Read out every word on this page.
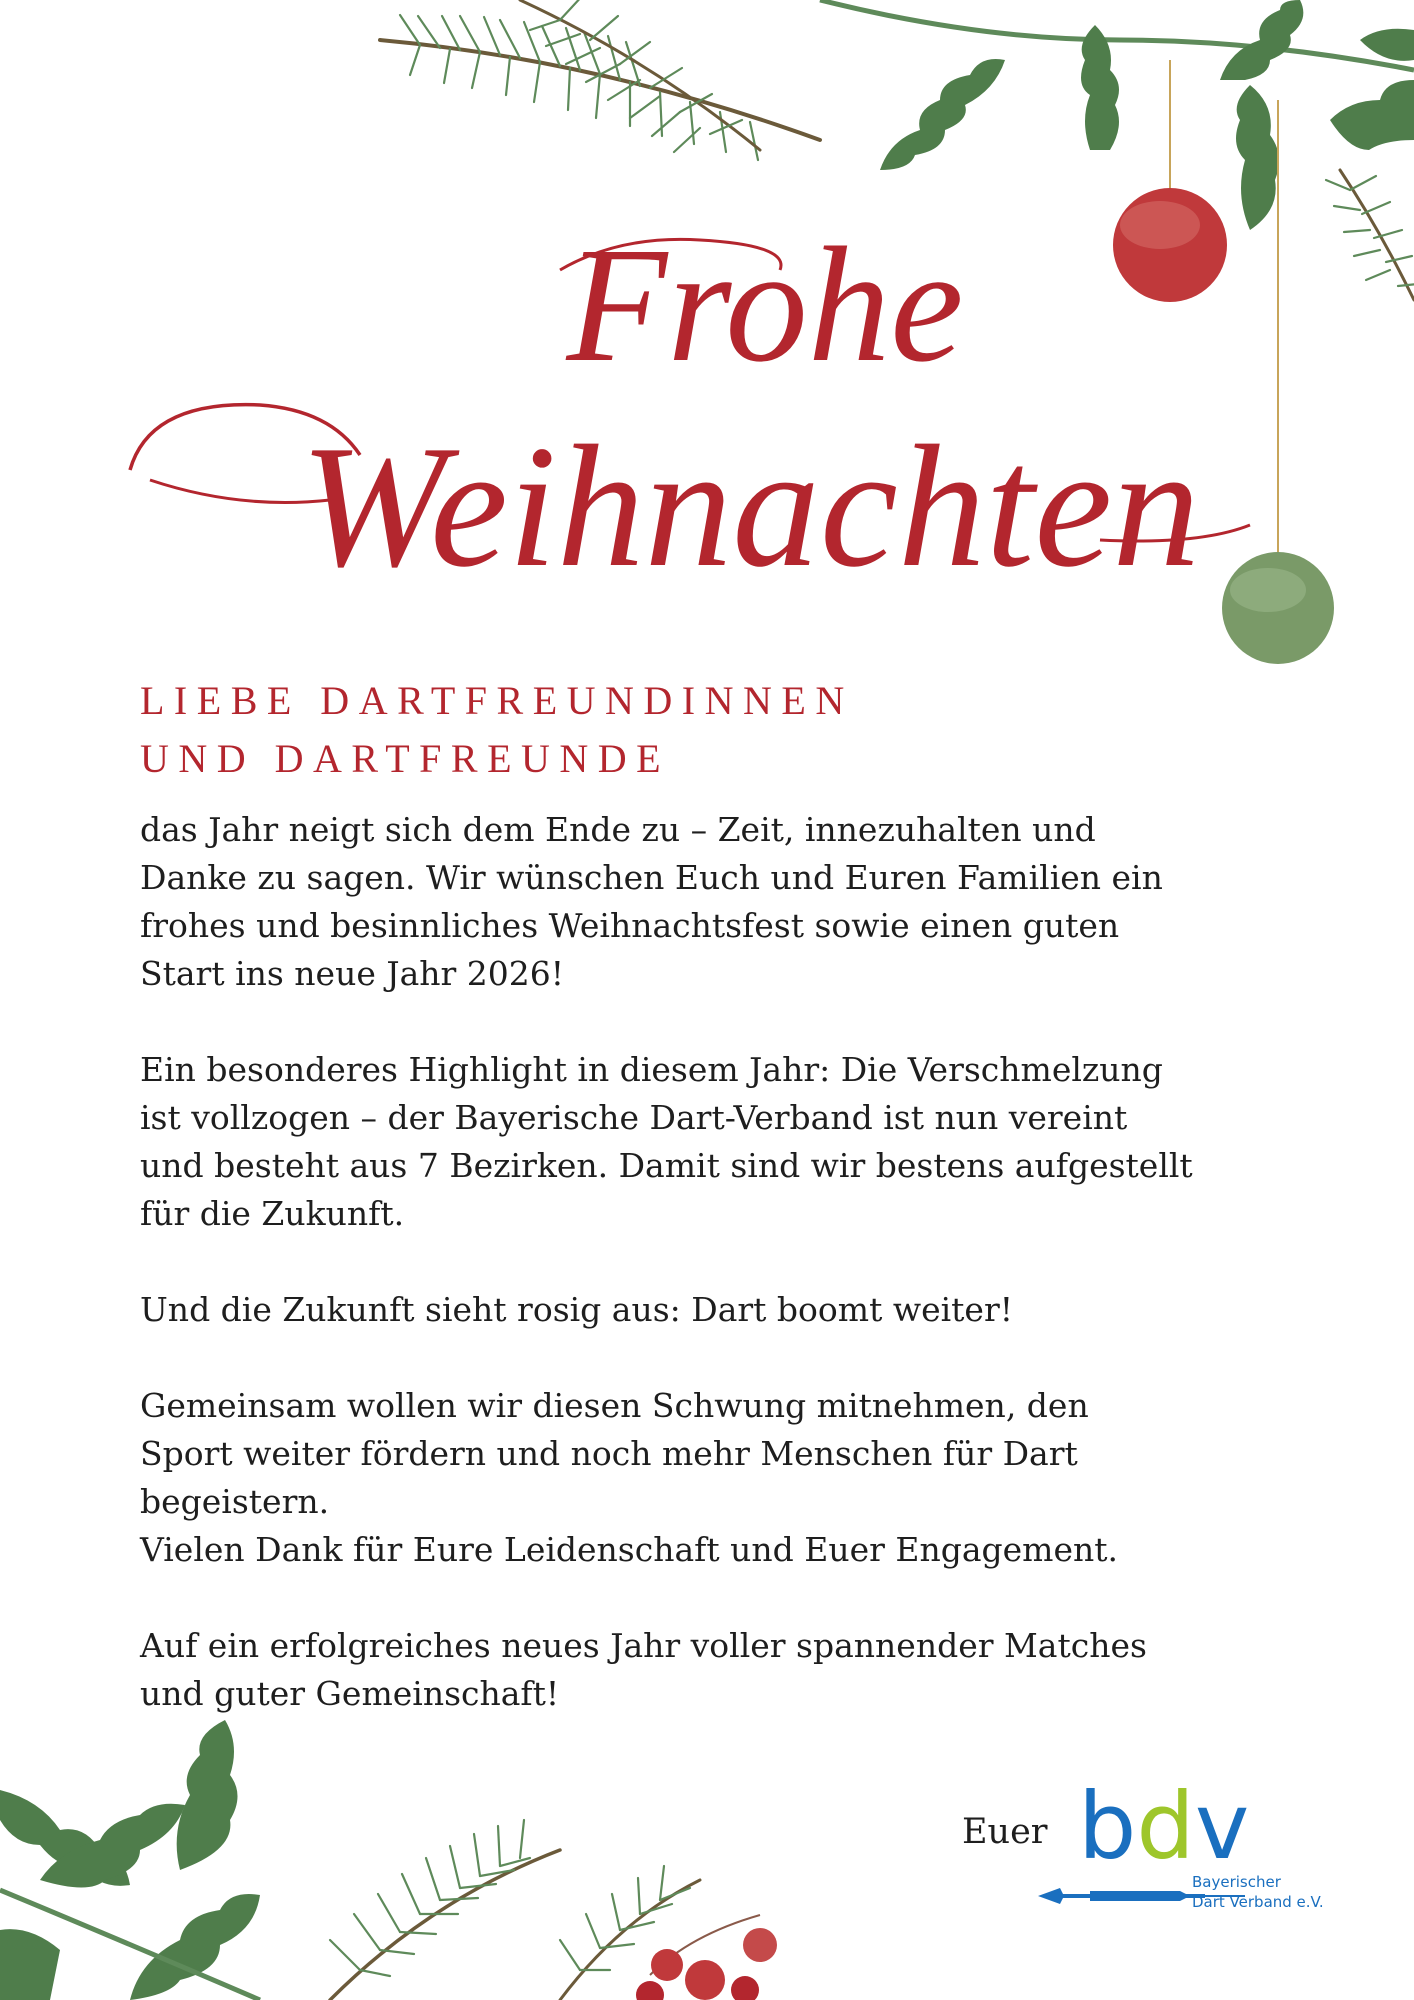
Frohe
Weihnachten
LIEBE DARTFREUNDINNEN
UND DARTFREUNDE

das Jahr neigt sich dem Ende zu – Zeit, innezuhalten und
Danke zu sagen. Wir wünschen Euch und Euren Familien ein
frohes und besinnliches Weihnachtsfest sowie einen guten
Start ins neue Jahr 2026!

Ein besonderes Highlight in diesem Jahr: Die Verschmelzung
ist vollzogen – der Bayerische Dart-Verband ist nun vereint
und besteht aus 7 Bezirken. Damit sind wir bestens aufgestellt
für die Zukunft.

Und die Zukunft sieht rosig aus: Dart boomt weiter!

Gemeinsam wollen wir diesen Schwung mitnehmen, den
Sport weiter fördern und noch mehr Menschen für Dart
begeistern.
Vielen Dank für Eure Leidenschaft und Euer Engagement.

Auf ein erfolgreiches neues Jahr voller spannender Matches
und guter Gemeinschaft!

Euer bdv
Bayerischer
Dart Verband e.V.
